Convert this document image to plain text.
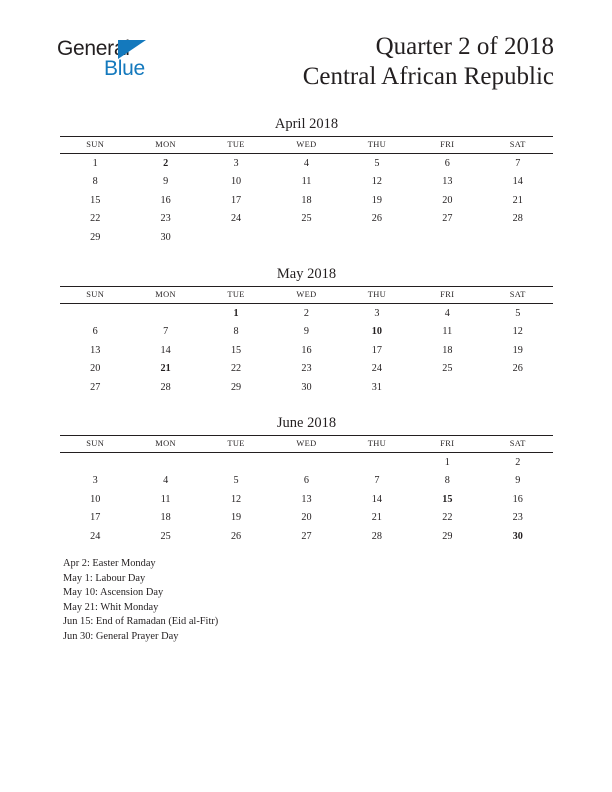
General
Blue
Quarter 2 of 2018
Central African Republic
April 2018
SUN	MON	TUE	WED	THU	FRI	SAT
1	2	3	4	5	6	7
8	9	10	11	12	13	14
15	16	17	18	19	20	21
22	23	24	25	26	27	28
29	30					
May 2018
SUN	MON	TUE	WED	THU	FRI	SAT
		1	2	3	4	5
6	7	8	9	10	11	12
13	14	15	16	17	18	19
20	21	22	23	24	25	26
27	28	29	30	31		
June 2018
SUN	MON	TUE	WED	THU	FRI	SAT
					1	2
3	4	5	6	7	8	9
10	11	12	13	14	15	16
17	18	19	20	21	22	23
24	25	26	27	28	29	30
Apr 2: Easter Monday
May 1: Labour Day
May 10: Ascension Day
May 21: Whit Monday
Jun 15: End of Ramadan (Eid al-Fitr)
Jun 30: General Prayer Day
